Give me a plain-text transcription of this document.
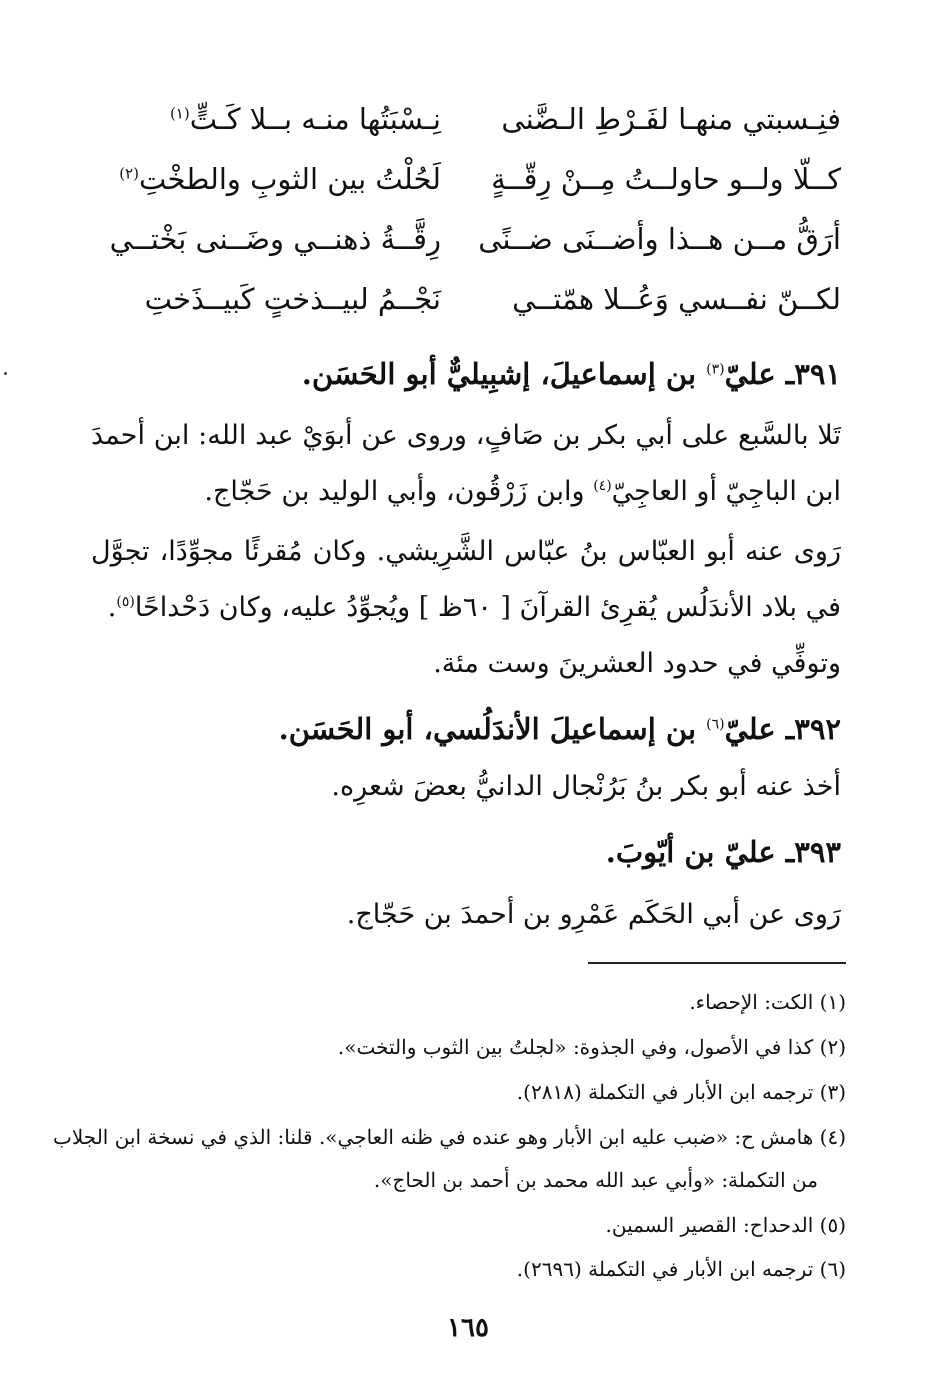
فنِـسبتي منهـا لفَـرْطِ الـضَّنى
نِـسْبَتُها منـه بــلا كَـتٍّ$^{(١)}$
كــلّا ولــو حاولــتُ مِــنْ رِقّــةٍ
لَحُلْتُ بين الثوبِ والطخْتِ$^{(٢)}$
أرَقُّ مــن هــذا وأضــنَى ضــنًى
رِقَّــةُ ذهنــي وضَــنى بَخْتــي
لكــنّ نفــسي وَعُــلا همّتــي
نَجْــمُ لبيــذختٍ كَبيــذَختِ
٣٩١ـ عليّ$^{(٣)}$ بن إسماعيلَ، إشبِيليٌّ أبو الحَسَن.
تَلا بالسَّبع على أبي بكر بن صَافٍ، وروى عن أبوَيْ عبد الله: ابن أحمدَ ابن الباجِيّ أو العاجِيّ$^{(٤)}$ وابن زَرْقُون، وأبي الوليد بن حَجّاج.
رَوى عنه أبو العبّاس بنُ عبّاس الشَّرِيشي. وكان مُقرئًا مجوِّدًا، تجوَّل في بلاد الأندَلُس يُقرِئ القرآنَ [ ٦٠ظ ] ويُجوِّدُ عليه، وكان دَحْداحًا$^{(٥)}$.
وتوفِّي في حدود العشرينَ وست مئة.
٣٩٢ـ عليّ$^{(٦)}$ بن إسماعيلَ الأندَلُسي، أبو الحَسَن.
أخذ عنه أبو بكر بنُ بَرُنْجال الدانيُّ بعضَ شعرِه.
٣٩٣ـ عليّ بن أيّوبَ.
رَوى عن أبي الحَكَم عَمْرِو بن أحمدَ بن حَجّاج.
(١) الكت: الإحصاء.
(٢) كذا في الأصول، وفي الجذوة: «لجلتُ بين الثوب والتخت».
(٣) ترجمه ابن الأبار في التكملة (٢٨١٨).
(٤) هامش ح: «ضبب عليه ابن الأبار وهو عنده في ظنه العاجي». قلنا: الذي في نسخة ابن الجلاب
من التكملة: «وأبي عبد الله محمد بن أحمد بن الحاج».
(٥) الدحداح: القصير السمين.
(٦) ترجمه ابن الأبار في التكملة (٢٦٩٦).
١٦٥
